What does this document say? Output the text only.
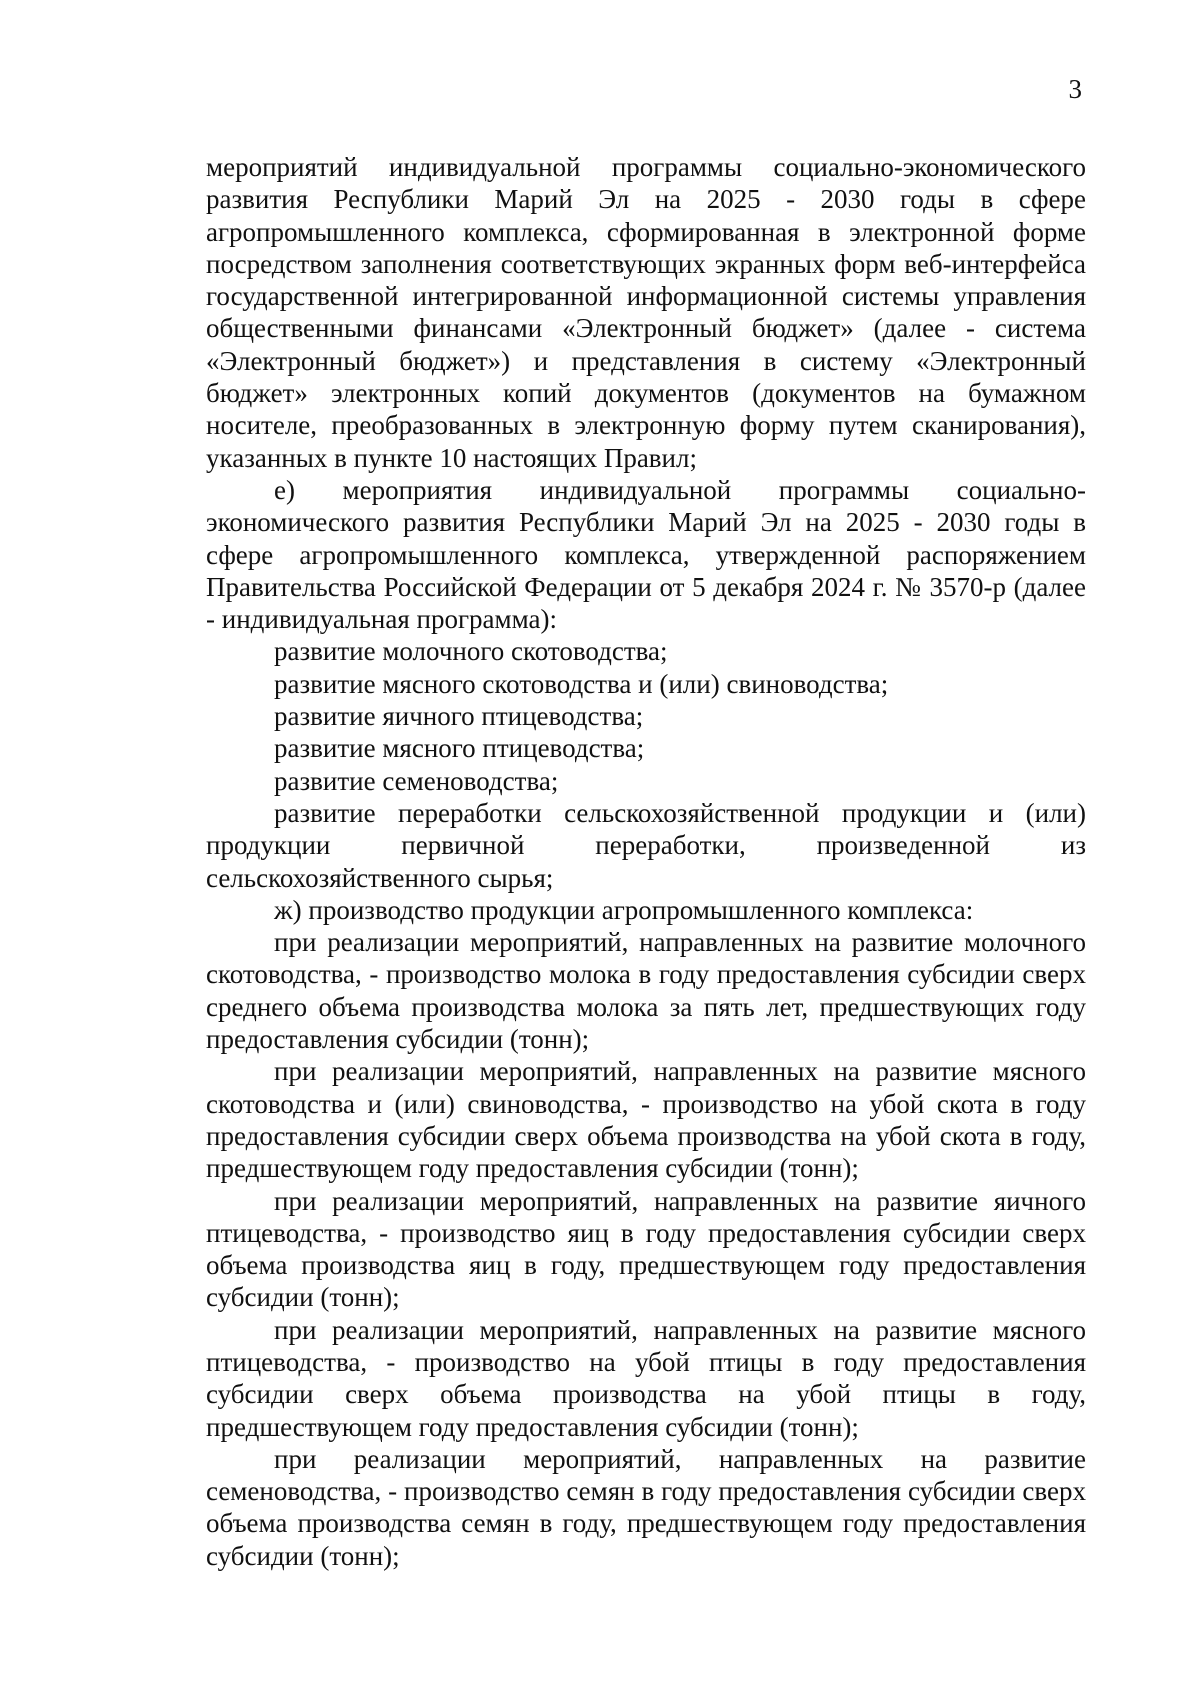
3

мероприятий индивидуальной программы социально-экономического развития Республики Марий Эл на 2025 - 2030 годы в сфере агропромышленного комплекса, сформированная в электронной форме посредством заполнения соответствующих экранных форм веб-интерфейса государственной интегрированной информационной системы управления общественными финансами «Электронный бюджет» (далее - система «Электронный бюджет») и представления в систему «Электронный бюджет» электронных копий документов (документов на бумажном носителе, преобразованных в электронную форму путем сканирования), указанных в пункте 10 настоящих Правил;

е) мероприятия индивидуальной программы социально-экономического развития Республики Марий Эл на 2025 - 2030 годы в сфере агропромышленного комплекса, утвержденной распоряжением Правительства Российской Федерации от 5 декабря 2024 г. № 3570-р (далее - индивидуальная программа):

развитие молочного скотоводства;

развитие мясного скотоводства и (или) свиноводства;

развитие яичного птицеводства;

развитие мясного птицеводства;

развитие семеноводства;

развитие переработки сельскохозяйственной продукции и (или) продукции первичной переработки, произведенной из сельскохозяйственного сырья;

ж) производство продукции агропромышленного комплекса:

при реализации мероприятий, направленных на развитие молочного скотоводства, - производство молока в году предоставления субсидии сверх среднего объема производства молока за пять лет, предшествующих году предоставления субсидии (тонн);

при реализации мероприятий, направленных на развитие мясного скотоводства и (или) свиноводства, - производство на убой скота в году предоставления субсидии сверх объема производства на убой скота в году, предшествующем году предоставления субсидии (тонн);

при реализации мероприятий, направленных на развитие яичного птицеводства, - производство яиц в году предоставления субсидии сверх объема производства яиц в году, предшествующем году предоставления субсидии (тонн);

при реализации мероприятий, направленных на развитие мясного птицеводства, - производство на убой птицы в году предоставления субсидии сверх объема производства на убой птицы в году, предшествующем году предоставления субсидии (тонн);

при реализации мероприятий, направленных на развитие семеноводства, - производство семян в году предоставления субсидии сверх объема производства семян в году, предшествующем году предоставления субсидии (тонн);
